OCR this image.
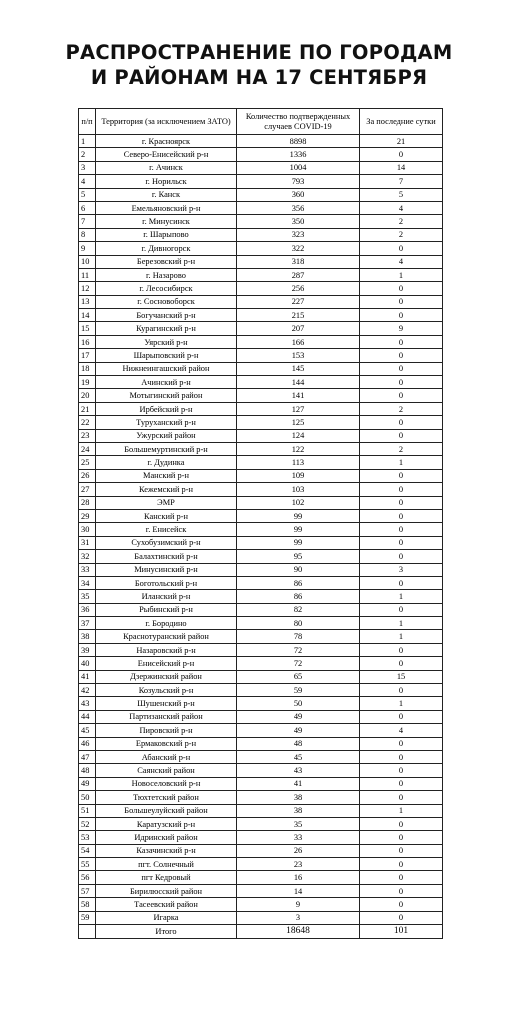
РАСПРОСТРАНЕНИЕ ПО ГОРОДАМ
И РАЙОНАМ НА 17 СЕНТЯБРЯ
п/п	Территория (за исключением ЗАТО)	Количество подтвержденных случаев COVID-19	За последние сутки
1	г. Красноярск	8898	21
2	Северо-Енисейский р-н	1336	0
3	г. Ачинск	1004	14
4	г. Норильск	793	7
5	г. Канск	360	5
6	Емельяновский р-н	356	4
7	г. Минусинск	350	2
8	г. Шарыпово	323	2
9	г. Дивногорск	322	0
10	Березовский р-н	318	4
11	г. Назарово	287	1
12	г. Лесосибирск	256	0
13	г. Сосновоборск	227	0
14	Богучанский р-н	215	0
15	Курагинский р-н	207	9
16	Уярский р-н	166	0
17	Шарыповский р-н	153	0
18	Нижнеингашский район	145	0
19	Ачинский р-н	144	0
20	Мотыгинский район	141	0
21	Ирбейский р-н	127	2
22	Туруханский р-н	125	0
23	Ужурский район	124	0
24	Большемуртинский р-н	122	2
25	г. Дудинка	113	1
26	Манский р-н	109	0
27	Кежемский р-н	103	0
28	ЭМР	102	0
29	Канский р-н	99	0
30	г. Енисейск	99	0
31	Сухобузимский р-н	99	0
32	Балахтинский р-н	95	0
33	Минусинский р-н	90	3
34	Боготольский р-н	86	0
35	Иланский р-н	86	1
36	Рыбинский р-н	82	0
37	г. Бородино	80	1
38	Краснотуранский район	78	1
39	Назаровский р-н	72	0
40	Енисейский р-н	72	0
41	Дзержинский район	65	15
42	Козульский р-н	59	0
43	Шушенский р-н	50	1
44	Партизанский район	49	0
45	Пировский р-н	49	4
46	Ермаковский р-н	48	0
47	Абанский р-н	45	0
48	Саянский район	43	0
49	Новоселовский р-н	41	0
50	Тюхтетский район	38	0
51	Большеулуйский район	38	1
52	Каратузский р-н	35	0
53	Идринский район	33	0
54	Казачинский р-н	26	0
55	пгт. Солнечный	23	0
56	пгт Кедровый	16	0
57	Бирилюсский район	14	0
58	Тасеевский район	9	0
59	Игарка	3	0
	Итого	18648	101
